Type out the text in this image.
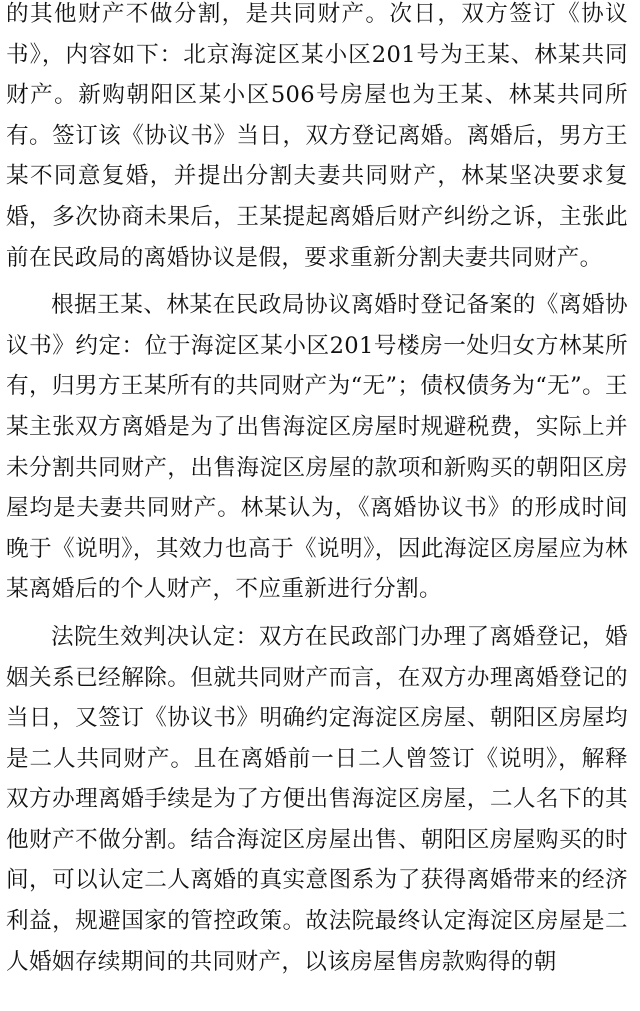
的其他财产不做分割，是共同财产。次日，双方签订《协议书》，内容如下：北京海淀区某小区201号为王某、林某共同财产。新购朝阳区某小区506号房屋也为王某、林某共同所有。签订该《协议书》当日，双方登记离婚。离婚后，男方王某不同意复婚，并提出分割夫妻共同财产，林某坚决要求复婚，多次协商未果后，王某提起离婚后财产纠纷之诉，主张此前在民政局的离婚协议是假，要求重新分割夫妻共同财产。

根据王某、林某在民政局协议离婚时登记备案的《离婚协议书》约定：位于海淀区某小区201号楼房一处归女方林某所有，归男方王某所有的共同财产为“无”；债权债务为“无”。王某主张双方离婚是为了出售海淀区房屋时规避税费，实际上并未分割共同财产，出售海淀区房屋的款项和新购买的朝阳区房屋均是夫妻共同财产。林某认为，《离婚协议书》的形成时间晚于《说明》，其效力也高于《说明》，因此海淀区房屋应为林某离婚后的个人财产，不应重新进行分割。

法院生效判决认定：双方在民政部门办理了离婚登记，婚姻关系已经解除。但就共同财产而言，在双方办理离婚登记的当日，又签订《协议书》明确约定海淀区房屋、朝阳区房屋均是二人共同财产。且在离婚前一日二人曾签订《说明》，解释双方办理离婚手续是为了方便出售海淀区房屋，二人名下的其他财产不做分割。结合海淀区房屋出售、朝阳区房屋购买的时间，可以认定二人离婚的真实意图系为了获得离婚带来的经济利益，规避国家的管控政策。故法院最终认定海淀区房屋是二人婚姻存续期间的共同财产，以该房屋售房款购得的朝
